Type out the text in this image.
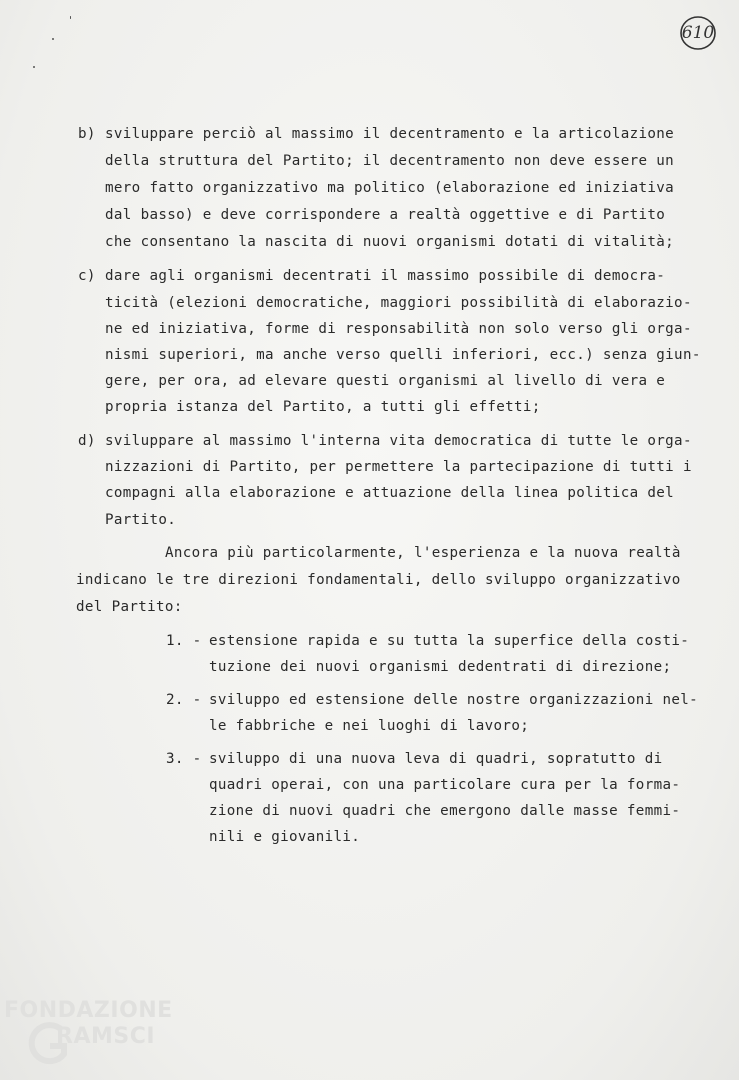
610
b) sviluppare perciò al massimo il decentramento e la articolazione
della struttura del Partito; il decentramento non deve essere un
mero fatto organizzativo ma politico (elaborazione ed iniziativa
dal basso) e deve corrispondere a realtà oggettive e di Partito
che consentano la nascita di nuovi organismi dotati di vitalità;
c) dare agli organismi decentrati il massimo possibile di democra-
ticità (elezioni democratiche, maggiori possibilità di elaborazio-
ne ed iniziativa, forme di responsabilità non solo verso gli orga-
nismi superiori, ma anche verso quelli inferiori, ecc.) senza giun-
gere, per ora, ad elevare questi organismi al livello di vera e
propria istanza del Partito, a tutti gli effetti;
d) sviluppare al massimo l'interna vita democratica di tutte le orga-
nizzazioni di Partito, per permettere la partecipazione di tutti i
compagni alla elaborazione e attuazione della linea politica del
Partito.
Ancora più particolarmente, l'esperienza e la nuova realtà
indicano le tre direzioni fondamentali, dello sviluppo organizzativo
del Partito:
1. - estensione rapida e su tutta la superfice della costi-
tuzione dei nuovi organismi dedentrati di direzione;
2. - sviluppo ed estensione delle nostre organizzazioni nel-
le fabbriche e nei luoghi di lavoro;
3. - sviluppo di una nuova leva di quadri, sopratutto di
quadri operai, con una particolare cura per la forma-
zione di nuovi quadri che emergono dalle masse femmi-
nili e giovanili.
FONDAZIONE
RAMSCI
